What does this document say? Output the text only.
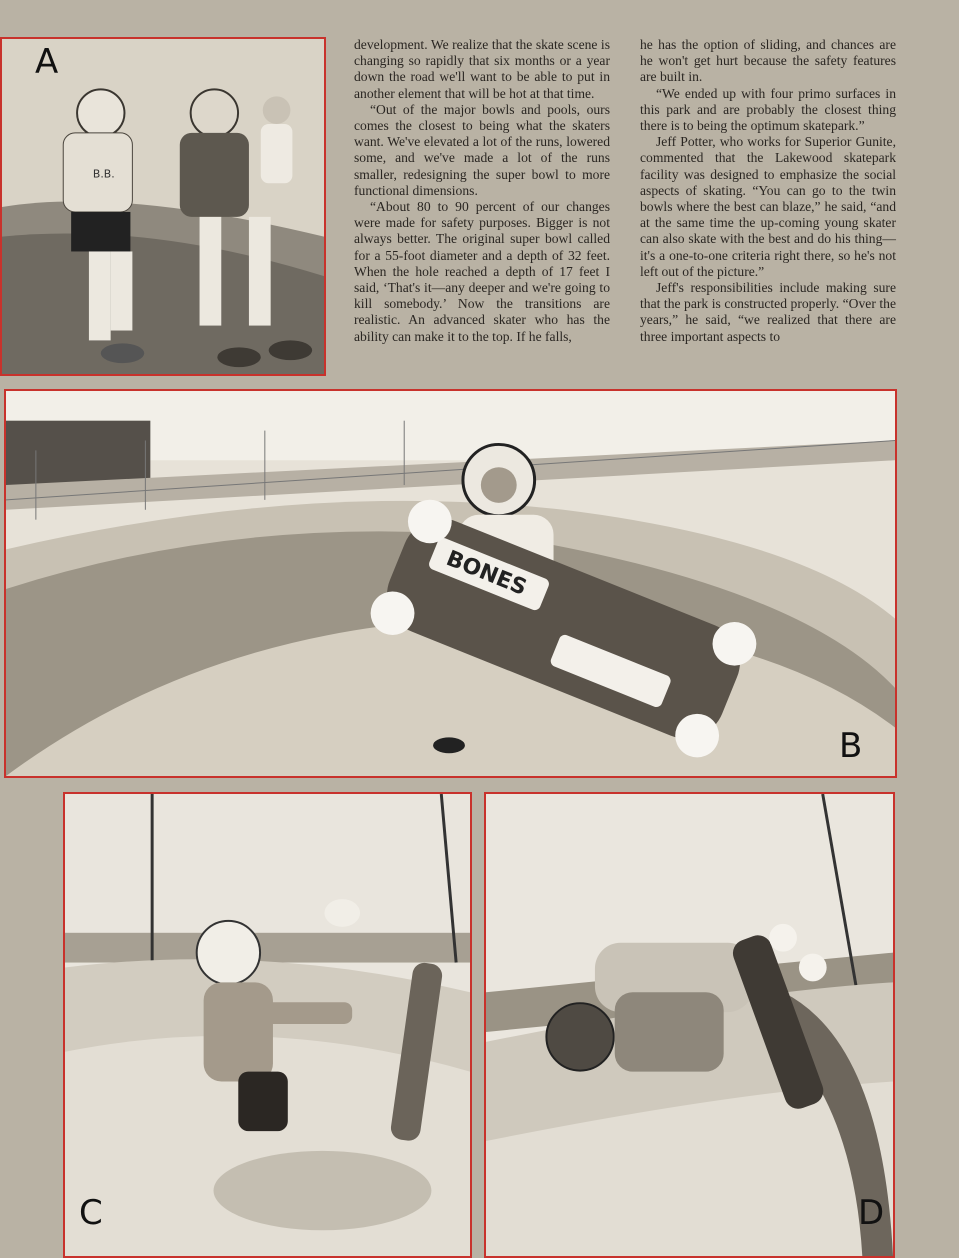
B.B.
A	development. We realize that the skate scene is changing so rapidly that six months or a year down the road we'll want to be able to put in another element that will be hot at that time.

“Out of the major bowls and pools, ours comes the closest to being what the skaters want. We've elevated a lot of the runs, lowered some, and we've made a lot of the runs smaller, redesigning the super bowl to more functional dimensions.

“About 80 to 90 percent of our changes were made for safety purposes. Bigger is not always better. The original super bowl called for a 55-foot diameter and a depth of 32 feet. When the hole reached a depth of 17 feet I said, ‘That's it—any deeper and we're going to kill somebody.’ Now the transitions are realistic. An advanced skater who has the ability can make it to the top. If he falls,

he has the option of sliding, and chances are he won't get hurt because the safety features are built in.

“We ended up with four primo surfaces in this park and are probably the closest thing there is to being the optimum skatepark.”

Jeff Potter, who works for Superior Gunite, commented that the Lakewood skatepark facility was designed to emphasize the social aspects of skating. “You can go to the twin bowls where the best can blaze,” he said, “and at the same time the up-coming young skater can also skate with the best and do his thing—it's a one-to-one criteria right there, so he's not left out of the picture.”

Jeff's responsibilities include making sure that the park is constructed properly. “Over the years,” he said, “we realized that there are three important aspects to

BONES
B
C	D
